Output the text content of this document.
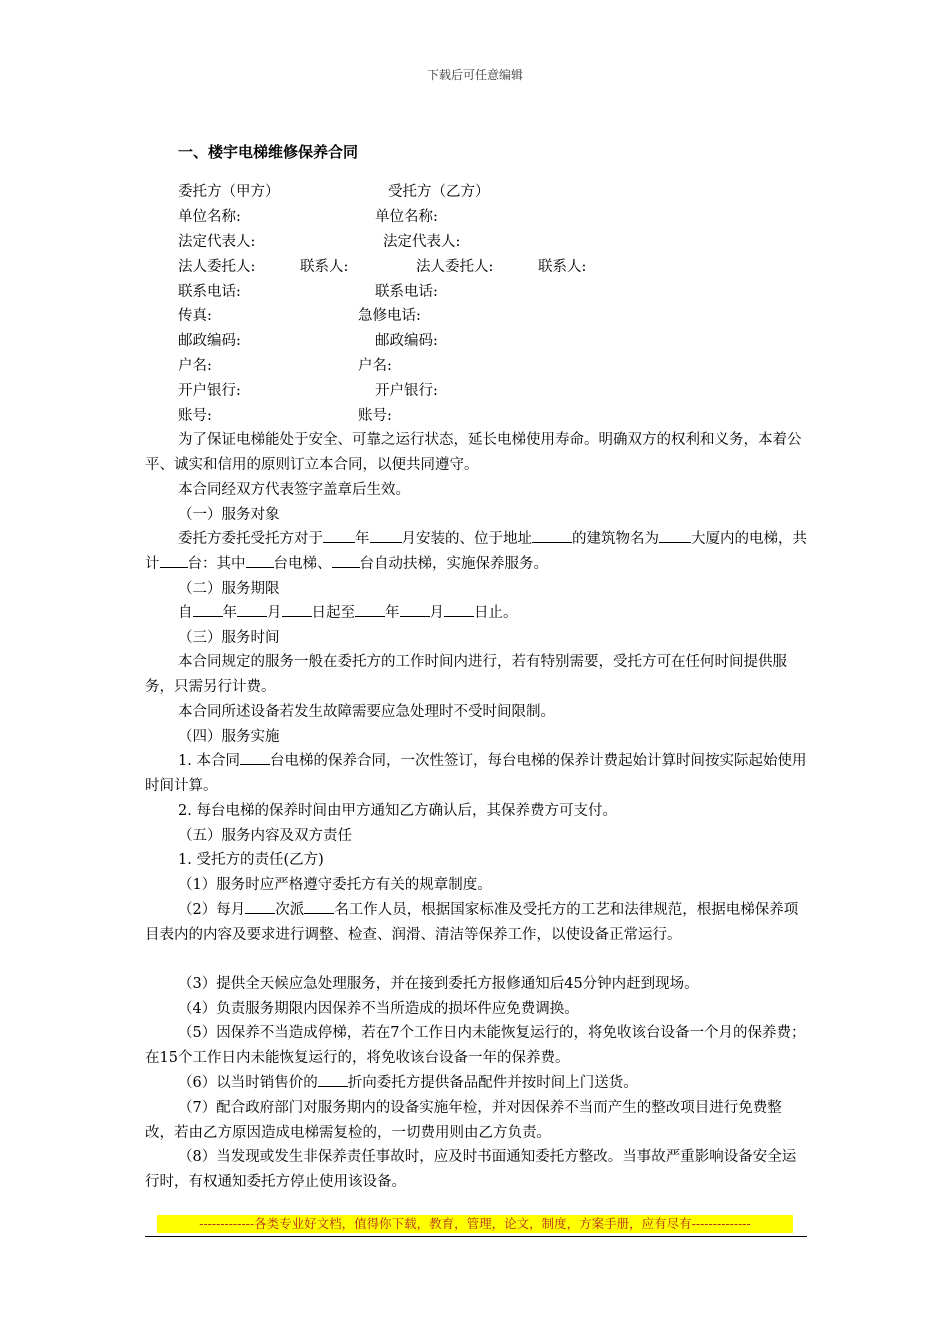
下载后可任意编辑
一、楼宇电梯维修保养合同
委托方（甲方）	受托方（乙方）
单位名称:	单位名称:
法定代表人:	法定代表人:
法人委托人:	联系人:	法人委托人:	联系人:
联系电话:	联系电话:
传真:	急修电话:
邮政编码:	邮政编码:
户名:	户名:
开户银行:	开户银行:
账号:	账号:
为了保证电梯能处于安全、可靠之运行状态，延长电梯使用寿命。明确双方的权利和义务，本着公平、诚实和信用的原则订立本合同，以便共同遵守。
本合同经双方代表签字盖章后生效。
（一）服务对象
委托方委托受托方对于 年 月安装的、位于地址	的建筑物名为 大厦内的电梯，共计 台：其中 台电梯、 台自动扶梯，实施保养服务。
（二）服务期限
自 年 月 日起至 年 月 日止。
（三）服务时间
本合同规定的服务一般在委托方的工作时间内进行，若有特别需要，受托方可在任何时间提供服务，只需另行计费。
本合同所述设备若发生故障需要应急处理时不受时间限制。
（四）服务实施
1. 本合同 台电梯的保养合同，一次性签订，每台电梯的保养计费起始计算时间按实际起始使用时间计算。
2. 每台电梯的保养时间由甲方通知乙方确认后，其保养费方可支付。
（五）服务内容及双方责任
1. 受托方的责任(乙方)
（1）服务时应严格遵守委托方有关的规章制度。
（2）每月 次派 名工作人员，根据国家标准及受托方的工艺和法律规范，根据电梯保养项目表内的内容及要求进行调整、检查、润滑、清洁等保养工作，以使设备正常运行。
（3）提供全天候应急处理服务，并在接到委托方报修通知后45分钟内赶到现场。
（4）负责服务期限内因保养不当所造成的损坏件应免费调换。
（5）因保养不当造成停梯，若在7个工作日内未能恢复运行的，将免收该台设备一个月的保养费；在15个工作日内未能恢复运行的，将免收该台设备一年的保养费。
（6）以当时销售价的 折向委托方提供备品配件并按时间上门送货。
（7）配合政府部门对服务期内的设备实施年检，并对因保养不当而产生的整改项目进行免费整改，若由乙方原因造成电梯需复检的，一切费用则由乙方负责。
（8）当发现或发生非保养责任事故时，应及时书面通知委托方整改。当事故严重影响设备安全运行时，有权通知委托方停止使用该设备。
-------------各类专业好文档，值得你下载，教育，管理，论文，制度，方案手册，应有尽有--------------
